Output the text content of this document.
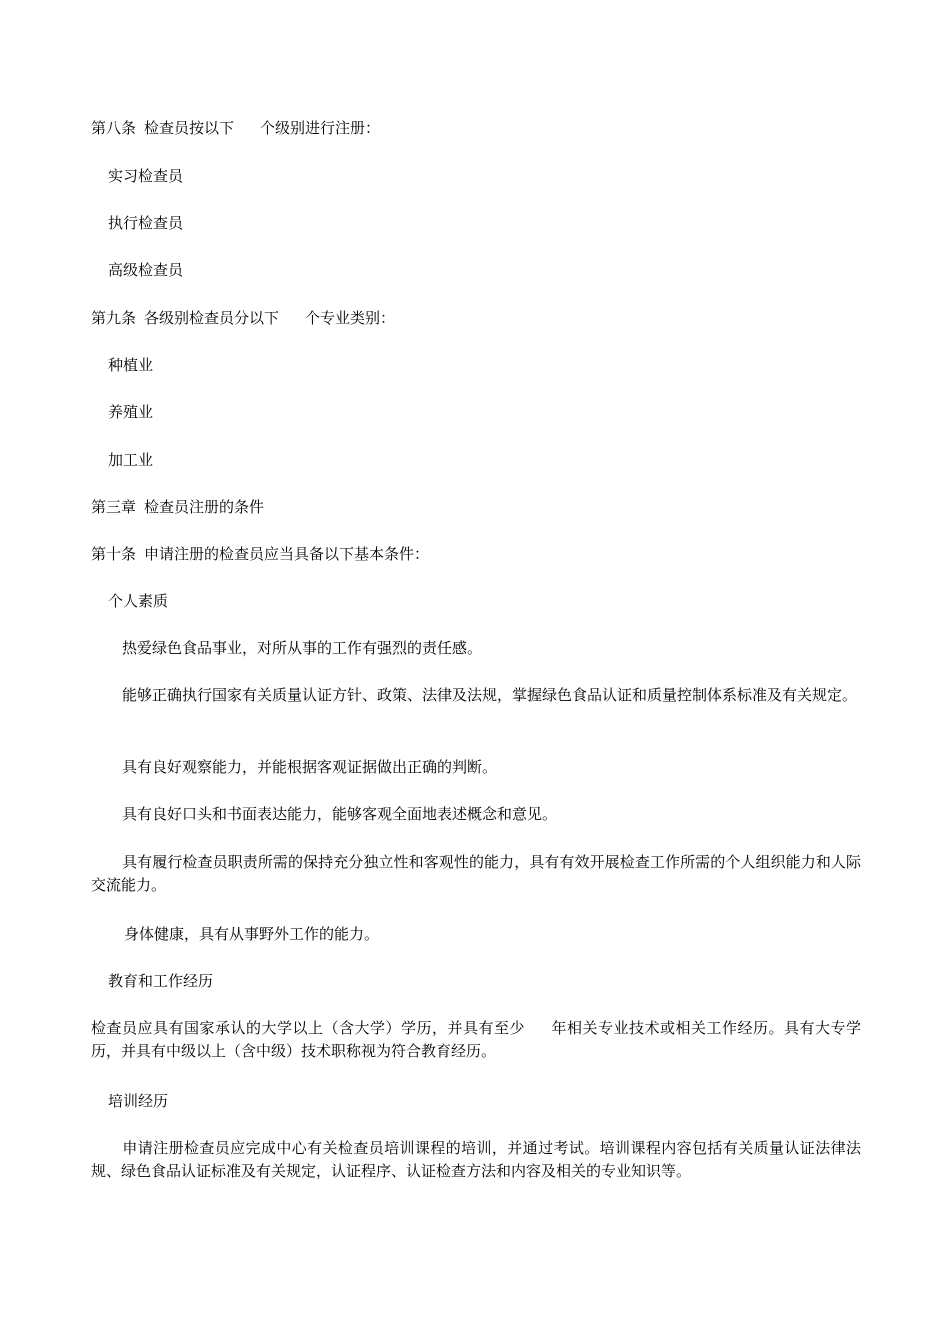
第八条 检查员按以下 个级别进行注册：
实习检查员
执行检查员
高级检查员
第九条 各级别检查员分以下 个专业类别：
种植业
养殖业
加工业
第三章 检查员注册的条件
第十条 申请注册的检查员应当具备以下基本条件：
个人素质
热爱绿色食品事业，对所从事的工作有强烈的责任感。
能够正确执行国家有关质量认证方针、政策、法律及法规，掌握绿色食品认证和质量控制体系标准及有关规定。
具有良好观察能力，并能根据客观证据做出正确的判断。
具有良好口头和书面表达能力，能够客观全面地表述概念和意见。
具有履行检查员职责所需的保持充分独立性和客观性的能力，具有有效开展检查工作所需的个人组织能力和人际交流能力。
身体健康，具有从事野外工作的能力。
教育和工作经历
检查员应具有国家承认的大学以上（含大学）学历，并具有至少 年相关专业技术或相关工作经历。具有大专学历，并具有中级以上（含中级）技术职称视为符合教育经历。
培训经历
申请注册检查员应完成中心有关检查员培训课程的培训，并通过考试。培训课程内容包括有关质量认证法律法规、绿色食品认证标准及有关规定，认证程序、认证检查方法和内容及相关的专业知识等。
